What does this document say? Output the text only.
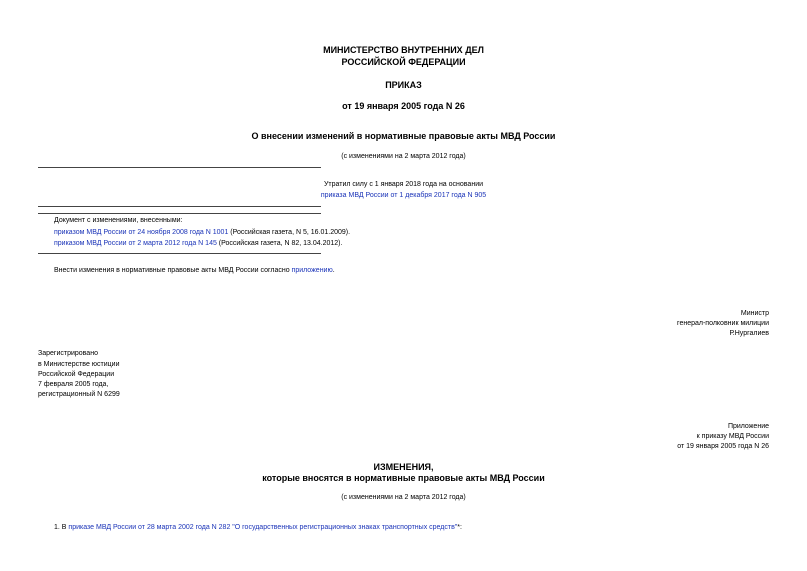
МИНИСТЕРСТВО ВНУТРЕННИХ ДЕЛ
РОССИЙСКОЙ ФЕДЕРАЦИИ
ПРИКАЗ
от 19 января 2005 года N 26
О внесении изменений в нормативные правовые акты МВД России
(с изменениями на 2 марта 2012 года)
Утратил силу с 1 января 2018 года на основании
приказа МВД России от 1 декабря 2017 года N 905
Документ с изменениями, внесенными:
приказом МВД России от 24 ноября 2008 года N 1001 (Российская газета, N 5, 16.01.2009).
приказом МВД России от 2 марта 2012 года N 145 (Российская газета, N 82, 13.04.2012).
Внести изменения в нормативные правовые акты МВД России согласно приложению.
Министр
генерал-полковник милиции
Р.Нургалиев
Зарегистрировано
в Министерстве юстиции
Российской Федерации
7 февраля 2005 года,
регистрационный N 6299
Приложение
к приказу МВД России
от 19 января 2005 года N 26
ИЗМЕНЕНИЯ,
которые вносятся в нормативные правовые акты МВД России
(с изменениями на 2 марта 2012 года)
1. В приказе МВД России от 28 марта 2002 года N 282 "О государственных регистрационных знаках транспортных средств"*:
